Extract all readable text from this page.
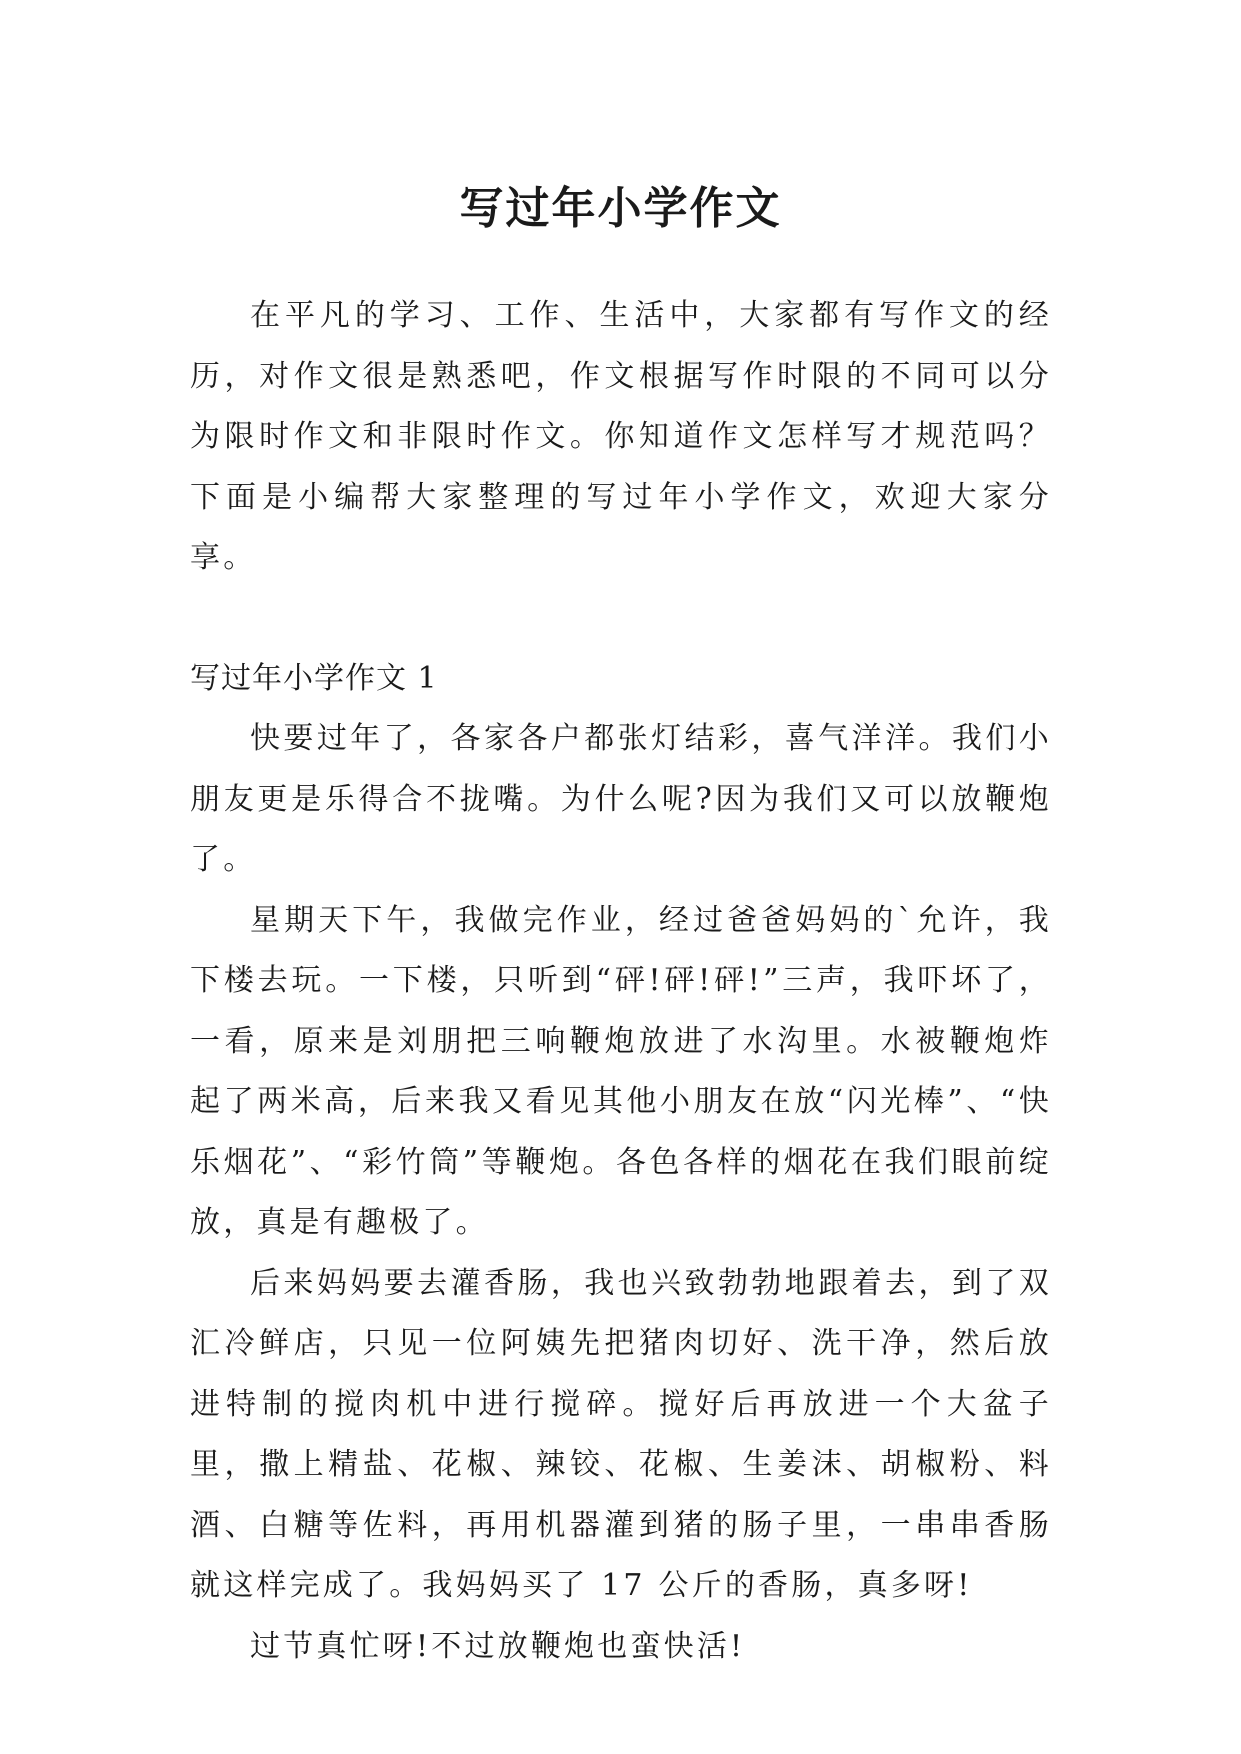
写过年小学作文

在平凡的学习、工作、生活中，大家都有写作文的经历，对作文很是熟悉吧，作文根据写作时限的不同可以分为限时作文和非限时作文。你知道作文怎样写才规范吗？下面是小编帮大家整理的写过年小学作文，欢迎大家分享。

写过年小学作文 1

快要过年了，各家各户都张灯结彩，喜气洋洋。我们小朋友更是乐得合不拢嘴。为什么呢?因为我们又可以放鞭炮了。

星期天下午，我做完作业，经过爸爸妈妈的`允许，我下楼去玩。一下楼，只听到“砰!砰!砰!”三声，我吓坏了，一看，原来是刘朋把三响鞭炮放进了水沟里。水被鞭炮炸起了两米高，后来我又看见其他小朋友在放“闪光棒”、“快乐烟花”、“彩竹筒”等鞭炮。各色各样的烟花在我们眼前绽放，真是有趣极了。

后来妈妈要去灌香肠，我也兴致勃勃地跟着去，到了双汇冷鲜店，只见一位阿姨先把猪肉切好、洗干净，然后放进特制的搅肉机中进行搅碎。搅好后再放进一个大盆子里，撒上精盐、花椒、辣铰、花椒、生姜沫、胡椒粉、料酒、白糖等佐料，再用机器灌到猪的肠子里，一串串香肠就这样完成了。我妈妈买了 17 公斤的香肠，真多呀!

过节真忙呀!不过放鞭炮也蛮快活!
